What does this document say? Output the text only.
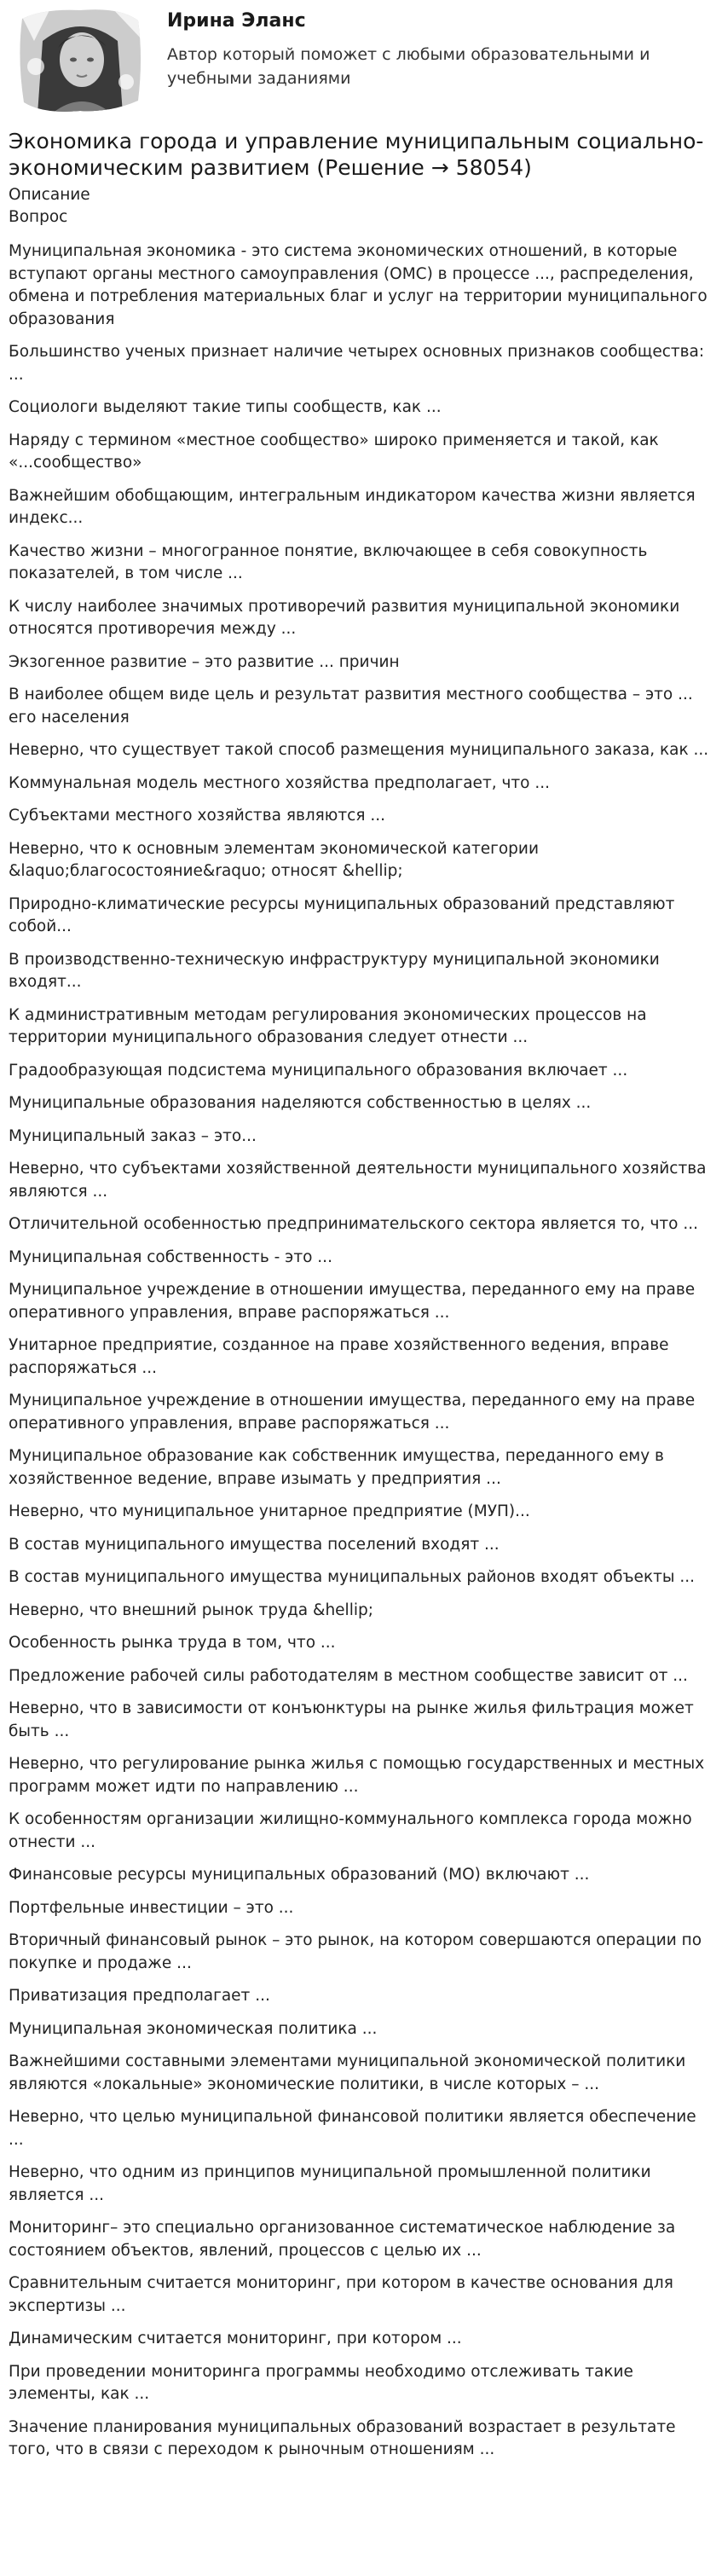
Ирина Эланс
Автор который поможет с любыми образовательными и учебными заданиями
Экономика города и управление муниципальным социально-экономическим развитием (Решение → 58054)
Описание
Вопрос
Муниципальная экономика - это система экономических отношений, в которые вступают органы местного самоуправления (ОМС) в процессе ..., распределения, обмена и потребления материальных благ и услуг на территории муниципального образования
Большинство ученых признает наличие четырех основных признаков сообщества: ...
Социологи выделяют такие типы сообществ, как ...
Наряду с термином «местное сообщество» широко применяется и такой, как «...сообщество»
Важнейшим обобщающим, интегральным индикатором качества жизни является индекс...
Качество жизни – многогранное понятие, включающее в себя совокупность показателей, в том числе ...
К числу наиболее значимых противоречий развития муниципальной экономики относятся противоречия между ...
Экзогенное развитие – это развитие ... причин
В наиболее общем виде цель и результат развития местного сообщества – это ... его населения
Неверно, что существует такой способ размещения муниципального заказа, как ...
Коммунальная модель местного хозяйства предполагает, что ...
Субъектами местного хозяйства являются ...
Неверно, что к основным элементам экономической категории &laquo;благосостояние&raquo; относят &hellip;
Природно-климатические ресурсы муниципальных образований представляют собой...
В производственно-техническую инфраструктуру муниципальной экономики входят...
К административным методам регулирования экономических процессов на территории муниципального образования следует отнести ...
Градообразующая подсистема муниципального образования включает ...
Муниципальные образования наделяются собственностью в целях ...
Муниципальный заказ – это...
Неверно, что субъектами хозяйственной деятельности муниципального хозяйства являются ...
Отличительной особенностью предпринимательского сектора является то, что ...
Муниципальная собственность - это ...
Муниципальное учреждение в отношении имущества, переданного ему на праве оперативного управления, вправе распоряжаться ...
Унитарное предприятие, созданное на праве хозяйственного ведения, вправе распоряжаться ...
Муниципальное учреждение в отношении имущества, переданного ему на праве оперативного управления, вправе распоряжаться ...
Муниципальное образование как собственник имущества, переданного ему в хозяйственное ведение, вправе изымать у предприятия ...
Неверно, что муниципальное унитарное предприятие (МУП)...
В состав муниципального имущества поселений входят ...
В состав муниципального имущества муниципальных районов входят объекты ...
Неверно, что внешний рынок труда &hellip;
Особенность рынка труда в том, что ...
Предложение рабочей силы работодателям в местном сообществе зависит от ...
Неверно, что в зависимости от конъюнктуры на рынке жилья фильтрация может быть ...
Неверно, что регулирование рынка жилья с помощью государственных и местных программ может идти по направлению ...
К особенностям организации жилищно-коммунального комплекса города можно отнести ...
Финансовые ресурсы муниципальных образований (МО) включают ...
Портфельные инвестиции – это ...
Вторичный финансовый рынок – это рынок, на котором совершаются операции по покупке и продаже ...
Приватизация предполагает ...
Муниципальная экономическая политика ...
Важнейшими составными элементами муниципальной экономической политики являются «локальные» экономические политики, в числе которых – ...
Неверно, что целью муниципальной финансовой политики является обеспечение ...
Неверно, что одним из принципов муниципальной промышленной политики является ...
Мониторинг– это специально организованное систематическое наблюдение за состоянием объектов, явлений, процессов с целью их ...
Сравнительным считается мониторинг, при котором в качестве основания для экспертизы ...
Динамическим считается мониторинг, при котором ...
При проведении мониторинга программы необходимо отслеживать такие элементы, как ...
Значение планирования муниципальных образований возрастает в результате того, что в связи с переходом к рыночным отношениям ...
